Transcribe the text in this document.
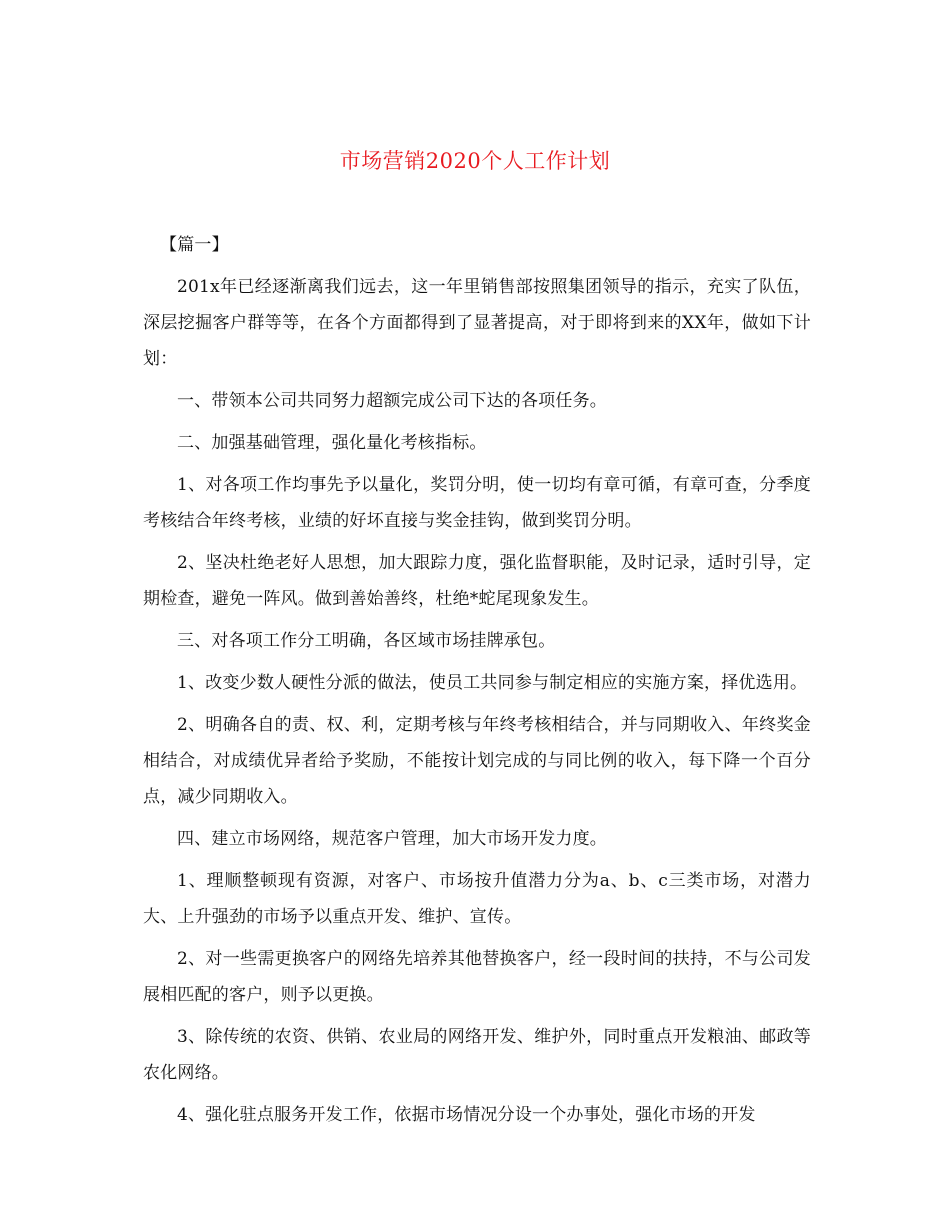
市场营销2020个人工作计划

【篇一】

201x年已经逐渐离我们远去，这一年里销售部按照集团领导的指示，充实了队伍，深层挖掘客户群等等，在各个方面都得到了显著提高，对于即将到来的XX年，做如下计划：

一、带领本公司共同努力超额完成公司下达的各项任务。

二、加强基础管理，强化量化考核指标。

1、对各项工作均事先予以量化，奖罚分明，使一切均有章可循，有章可查，分季度考核结合年终考核，业绩的好坏直接与奖金挂钩，做到奖罚分明。

2、坚决杜绝老好人思想，加大跟踪力度，强化监督职能，及时记录，适时引导，定期检查，避免一阵风。做到善始善终，杜绝*蛇尾现象发生。

三、对各项工作分工明确，各区域市场挂牌承包。

1、改变少数人硬性分派的做法，使员工共同参与制定相应的实施方案，择优选用。

2、明确各自的责、权、利，定期考核与年终考核相结合，并与同期收入、年终奖金相结合，对成绩优异者给予奖励，不能按计划完成的与同比例的收入，每下降一个百分点，减少同期收入。

四、建立市场网络，规范客户管理，加大市场开发力度。

1、理顺整顿现有资源，对客户、市场按升值潜力分为a、b、c三类市场，对潜力大、上升强劲的市场予以重点开发、维护、宣传。

2、对一些需更换客户的网络先培养其他替换客户，经一段时间的扶持，不与公司发展相匹配的客户，则予以更换。

3、除传统的农资、供销、农业局的网络开发、维护外，同时重点开发粮油、邮政等农化网络。

4、强化驻点服务开发工作，依据市场情况分设一个办事处，强化市场的开发
